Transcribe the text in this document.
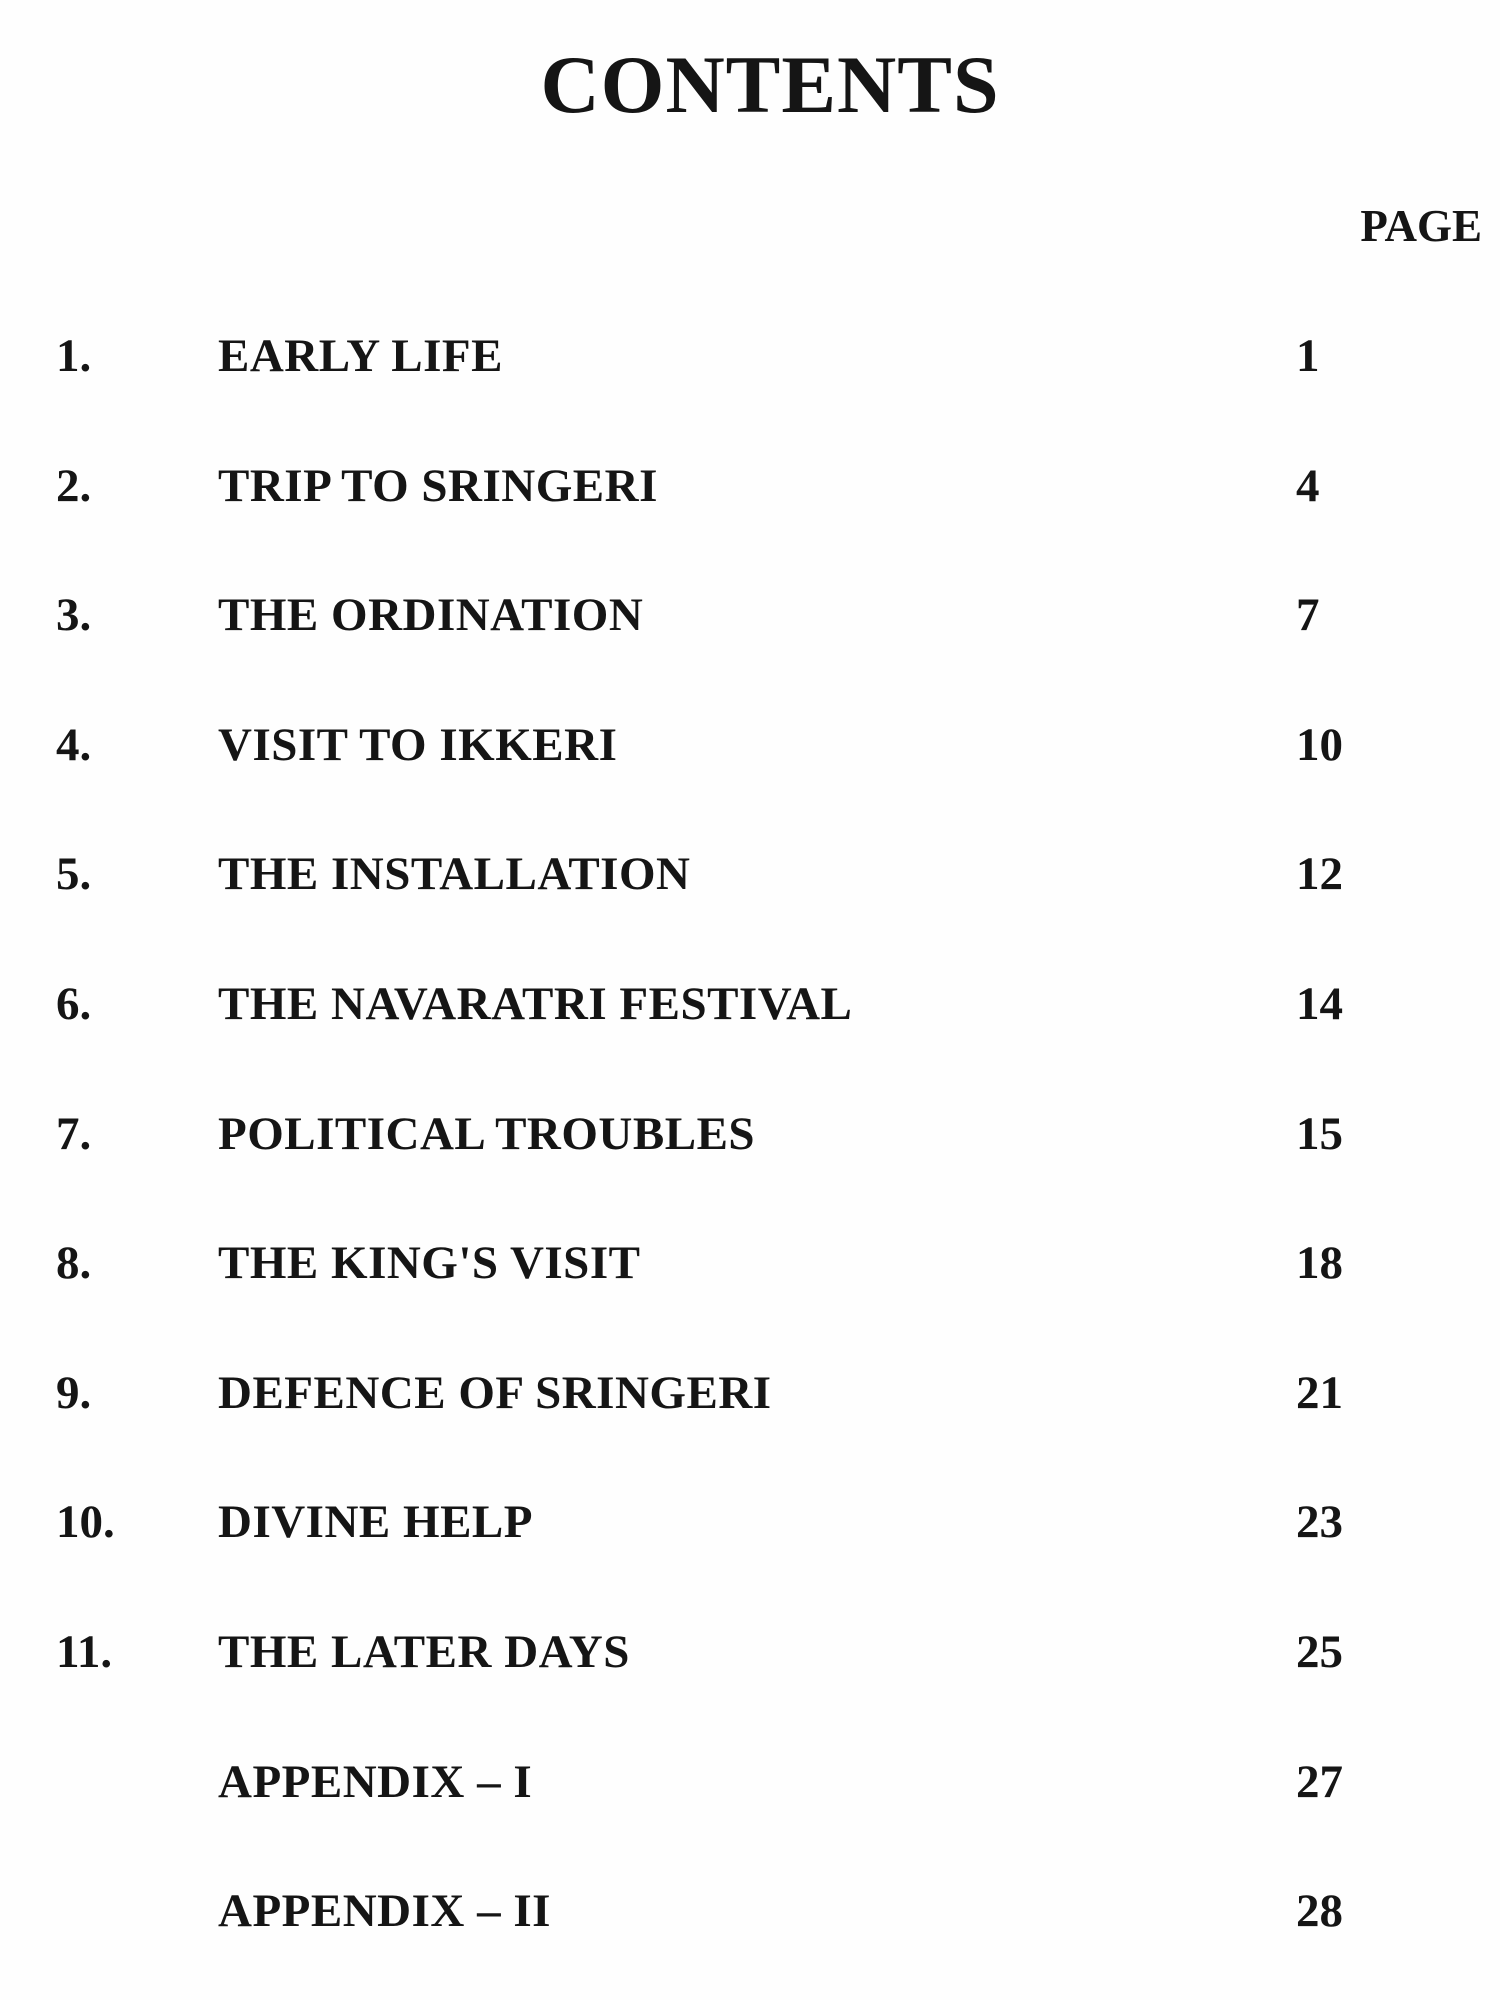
CONTENTS
PAGE
1.	EARLY LIFE	1
2.	TRIP TO SRINGERI	4
3.	THE ORDINATION	7
4.	VISIT TO IKKERI	10
5.	THE INSTALLATION	12
6.	THE NAVARATRI FESTIVAL	14
7.	POLITICAL TROUBLES	15
8.	THE KING'S VISIT	18
9.	DEFENCE OF SRINGERI	21
10. DIVINE HELP	23
11. THE LATER DAYS	25
APPENDIX – I	27
APPENDIX – II	28
